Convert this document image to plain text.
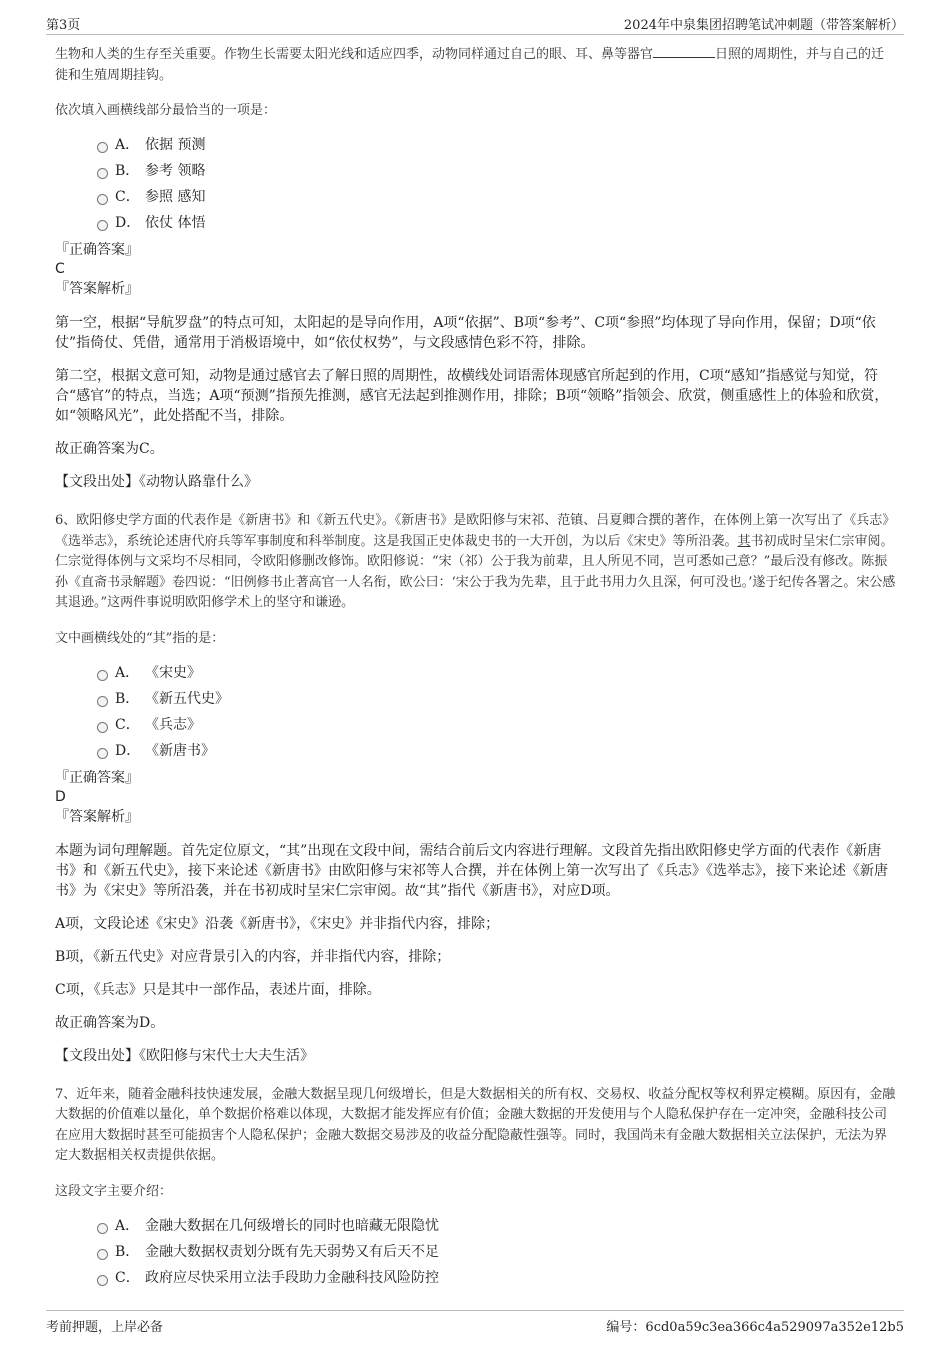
第3页	2024年中泉集团招聘笔试冲刺题（带答案解析）

生物和人类的生存至关重要。作物生长需要太阳光线和适应四季，动物同样通过自己的眼、耳、鼻等器官	日照的周期性，并与自己的迁徙和生殖周期挂钩。

依次填入画横线部分最恰当的一项是：

A． 依据 预测
B． 参考 领略
C． 参照 感知
D． 依仗 体悟

『正确答案』

C

『答案解析』

第一空，根据“导航罗盘”的特点可知，太阳起的是导向作用，A项“依据”、B项“参考”、C项“参照”均体现了导向作用，保留；D项“依仗”指倚仗、凭借，通常用于消极语境中，如“依仗权势”，与文段感情色彩不符，排除。

第二空，根据文意可知，动物是通过感官去了解日照的周期性，故横线处词语需体现感官所起到的作用，C项“感知”指感觉与知觉，符合“感官”的特点，当选；A项“预测”指预先推测，感官无法起到推测作用，排除；B项“领略”指领会、欣赏，侧重感性上的体验和欣赏，如“领略风光”，此处搭配不当，排除。

故正确答案为C。

【文段出处】《动物认路靠什么》

6、欧阳修史学方面的代表作是《新唐书》和《新五代史》。《新唐书》是欧阳修与宋祁、范镇、吕夏卿合撰的著作，在体例上第一次写出了《兵志》《选举志》，系统论述唐代府兵等军事制度和科举制度。这是我国正史体裁史书的一大开创，为以后《宋史》等所沿袭。其书初成时呈宋仁宗审阅。仁宗觉得体例与文采均不尽相同，令欧阳修删改修饰。欧阳修说：“宋（祁）公于我为前辈，且人所见不同，岂可悉如己意？”最后没有修改。陈振孙《直斋书录解题》卷四说：“旧例修书止著高官一人名衔，欧公曰：‘宋公于我为先辈，且于此书用力久且深，何可没也。’遂于纪传各署之。宋公感其退逊。”这两件事说明欧阳修学术上的坚守和谦逊。

文中画横线处的“其”指的是：

A． 《宋史》
B． 《新五代史》
C． 《兵志》
D． 《新唐书》

『正确答案』

D

『答案解析』

本题为词句理解题。首先定位原文，“其”出现在文段中间，需结合前后文内容进行理解。文段首先指出欧阳修史学方面的代表作《新唐书》和《新五代史》，接下来论述《新唐书》由欧阳修与宋祁等人合撰，并在体例上第一次写出了《兵志》《选举志》，接下来论述《新唐书》为《宋史》等所沿袭，并在书初成时呈宋仁宗审阅。故“其”指代《新唐书》，对应D项。

A项，文段论述《宋史》沿袭《新唐书》，《宋史》并非指代内容，排除；

B项，《新五代史》对应背景引入的内容，并非指代内容，排除；

C项，《兵志》只是其中一部作品，表述片面，排除。

故正确答案为D。

【文段出处】《欧阳修与宋代士大夫生活》

7、近年来，随着金融科技快速发展，金融大数据呈现几何级增长，但是大数据相关的所有权、交易权、收益分配权等权利界定模糊。原因有，金融大数据的价值难以量化，单个数据价格难以体现，大数据才能发挥应有价值；金融大数据的开发使用与个人隐私保护存在一定冲突，金融科技公司在应用大数据时甚至可能损害个人隐私保护；金融大数据交易涉及的收益分配隐蔽性强等。同时，我国尚未有金融大数据相关立法保护，无法为界定大数据相关权责提供依据。

这段文字主要介绍：

A． 金融大数据在几何级增长的同时也暗藏无限隐忧
B． 金融大数据权责划分既有先天弱势又有后天不足
C． 政府应尽快采用立法手段助力金融科技风险防控
考前押题，上岸必备	编号：6cd0a59c3ea366c4a529097a352e12b5
